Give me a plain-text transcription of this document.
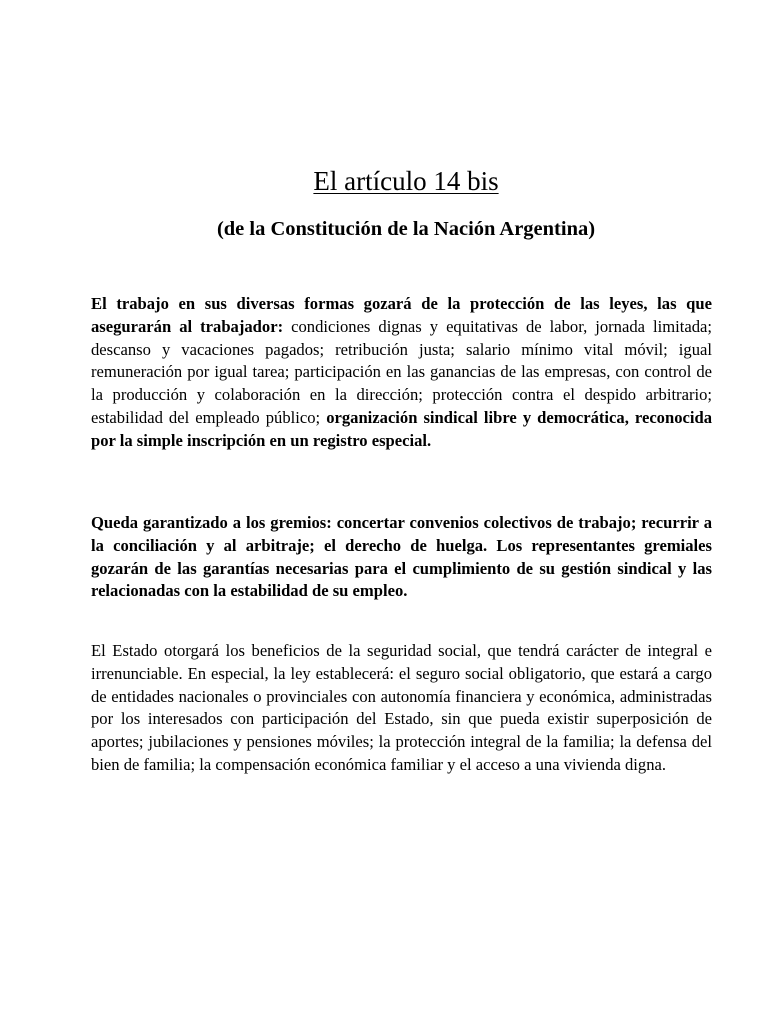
El artículo 14 bis
(de la Constitución de la Nación Argentina)

El trabajo en sus diversas formas gozará de la protección de las leyes, las que asegurarán al trabajador: condiciones dignas y equitativas de labor, jornada limitada; descanso y vacaciones pagados; retribución justa; salario mínimo vital móvil; igual remuneración por igual tarea; participación en las ganancias de las empresas, con control de la producción y colaboración en la dirección; protección contra el despido arbitrario; estabilidad del empleado público; organización sindical libre y democrática, reconocida por la simple inscripción en un registro especial.

Queda garantizado a los gremios: concertar convenios colectivos de trabajo; recurrir a la conciliación y al arbitraje; el derecho de huelga. Los representantes gremiales gozarán de las garantías necesarias para el cumplimiento de su gestión sindical y las relacionadas con la estabilidad de su empleo.

El Estado otorgará los beneficios de la seguridad social, que tendrá carácter de integral e irrenunciable. En especial, la ley establecerá: el seguro social obligatorio, que estará a cargo de entidades nacionales o provinciales con autonomía financiera y económica, administradas por los interesados con participación del Estado, sin que pueda existir superposición de aportes; jubilaciones y pensiones móviles; la protección integral de la familia; la defensa del bien de familia; la compensación económica familiar y el acceso a una vivienda digna.
